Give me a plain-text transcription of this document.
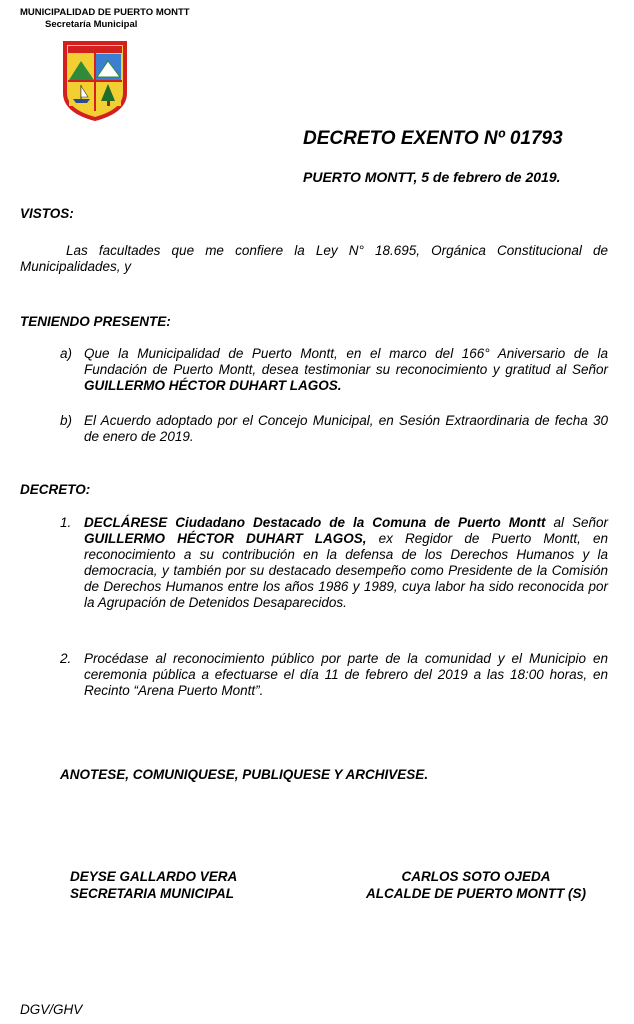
MUNICIPALIDAD DE PUERTO MONTT
Secretaría Municipal
DECRETO EXENTO Nº 01793
PUERTO MONTT, 5 de febrero de 2019.
VISTOS:
Las facultades que me confiere la Ley N° 18.695, Orgánica Constitucional de Municipalidades, y
TENIENDO PRESENTE:
a) Que la Municipalidad de Puerto Montt, en el marco del 166° Aniversario de la Fundación de Puerto Montt, desea testimoniar su reconocimiento y gratitud al Señor GUILLERMO HÉCTOR DUHART LAGOS.
b) El Acuerdo adoptado por el Concejo Municipal, en Sesión Extraordinaria de fecha 30 de enero de 2019.
DECRETO:
1. DECLÁRESE Ciudadano Destacado de la Comuna de Puerto Montt al Señor GUILLERMO HÉCTOR DUHART LAGOS, ex Regidor de Puerto Montt, en reconocimiento a su contribución en la defensa de los Derechos Humanos y la democracia, y también por su destacado desempeño como Presidente de la Comisión de Derechos Humanos entre los años 1986 y 1989, cuya labor ha sido reconocida por la Agrupación de Detenidos Desaparecidos.
2. Procédase al reconocimiento público por parte de la comunidad y el Municipio en ceremonia pública a efectuarse el día 11 de febrero del 2019 a las 18:00 horas, en Recinto “Arena Puerto Montt”.
ANOTESE, COMUNIQUESE, PUBLIQUESE Y ARCHIVESE.
DEYSE GALLARDO VERA
SECRETARIA MUNICIPAL
CARLOS SOTO OJEDA
ALCALDE DE PUERTO MONTT (S)
DGV/GHV
